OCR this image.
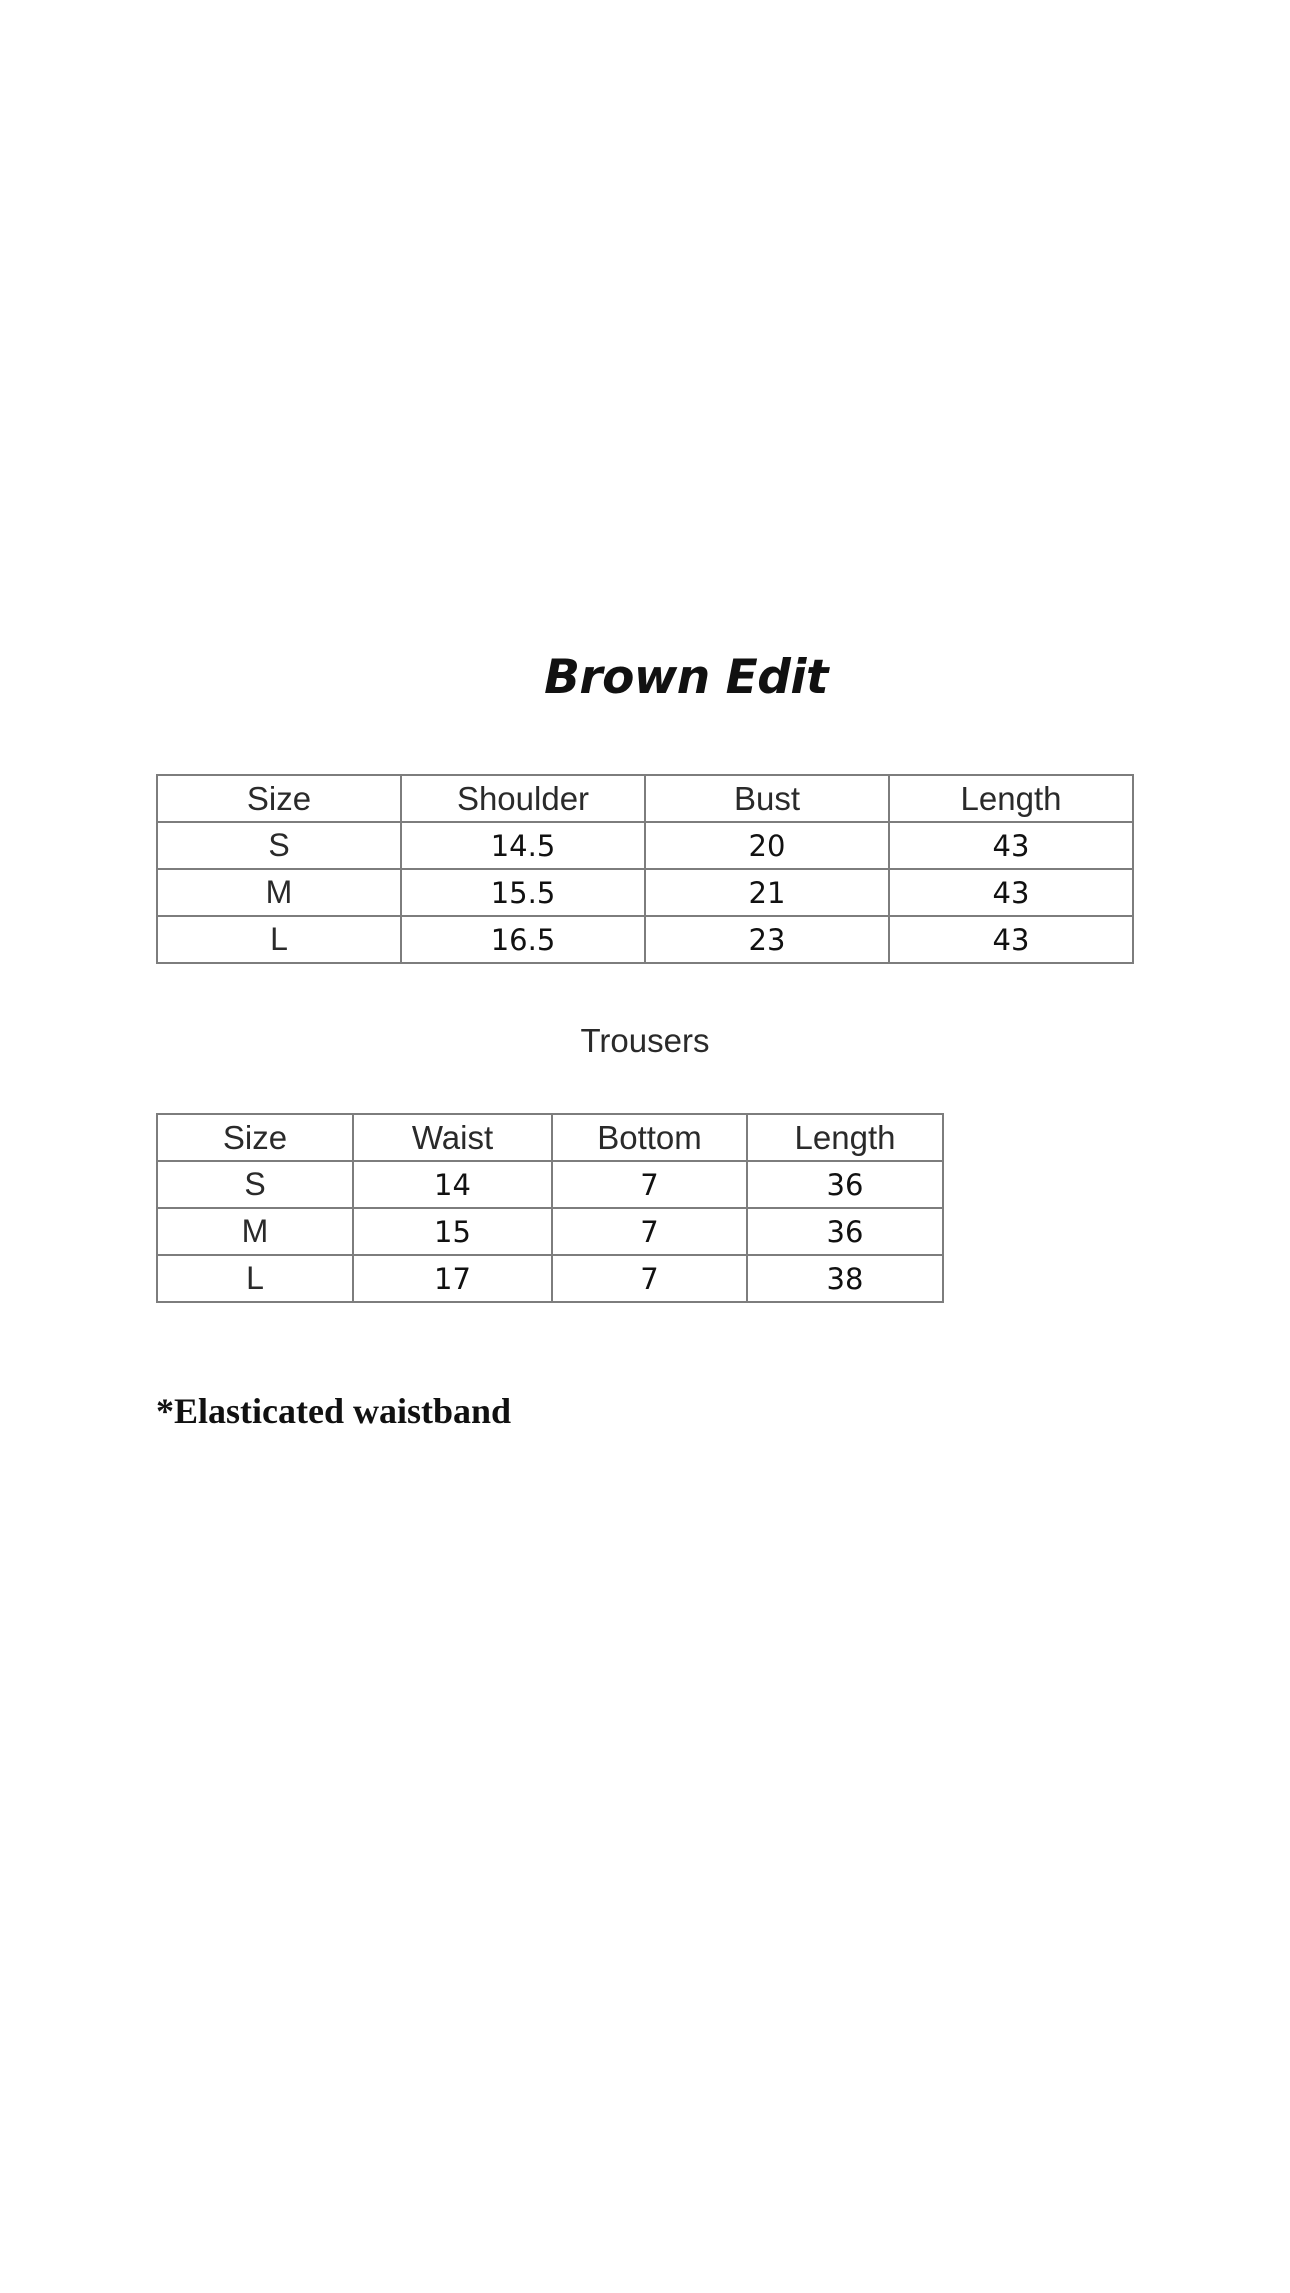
Brown Edit
Size	Shoulder	Bust	Length
S	14.5	20	43
M	15.5	21	43
L	16.5	23	43
Trousers
Size	Waist	Bottom	Length
S	14	7	36
M	15	7	36
L	17	7	38
*Elasticated waistband
